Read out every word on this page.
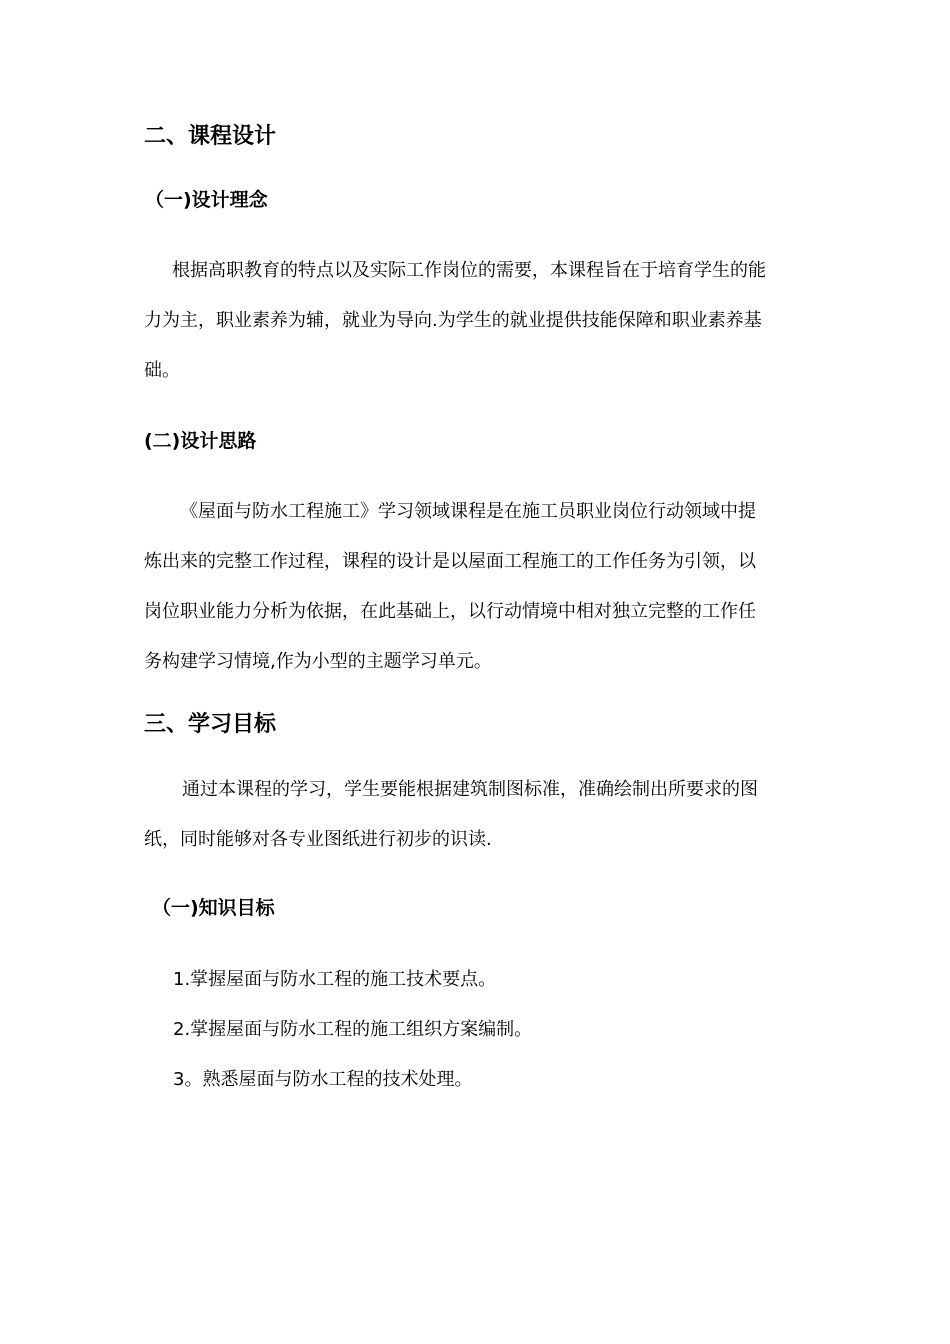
二、课程设计
（一)设计理念
根据高职教育的特点以及实际工作岗位的需要，本课程旨在于培育学生的能
力为主，职业素养为辅，就业为导向.为学生的就业提供技能保障和职业素养基
础。
(二)设计思路
《屋面与防水工程施工》学习领域课程是在施工员职业岗位行动领域中提
炼出来的完整工作过程，课程的设计是以屋面工程施工的工作任务为引领，以
岗位职业能力分析为依据，在此基础上，以行动情境中相对独立完整的工作任
务构建学习情境,作为小型的主题学习单元。
三、学习目标
通过本课程的学习，学生要能根据建筑制图标准，准确绘制出所要求的图
纸，同时能够对各专业图纸进行初步的识读.
（一)知识目标
1.掌握屋面与防水工程的施工技术要点。
2.掌握屋面与防水工程的施工组织方案编制。
3。熟悉屋面与防水工程的技术处理。
